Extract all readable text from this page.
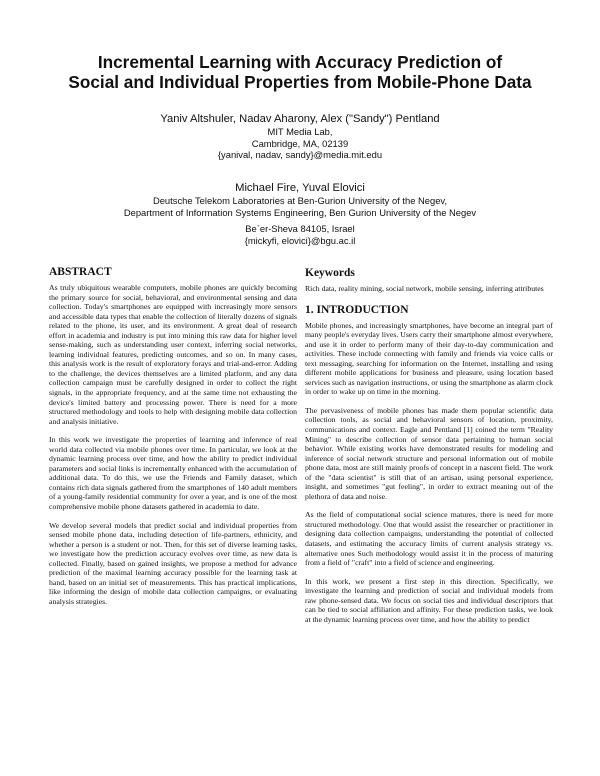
Incremental Learning with Accuracy Prediction of
Social and Individual Properties from Mobile-Phone Data
Yaniv Altshuler, Nadav Aharony, Alex ("Sandy") Pentland
MIT Media Lab,
Cambridge, MA, 02139
{yanival, nadav, sandy}@media.mit.edu
Michael Fire, Yuval Elovici
Deutsche Telekom Laboratories at Ben-Gurion University of the Negev,
Department of Information Systems Engineering, Ben Gurion University of the Negev
Be`er-Sheva 84105, Israel
{mickyfi, elovici}@bgu.ac.il
ABSTRACT

As truly ubiquitous wearable computers, mobile phones are quickly becoming the primary source for social, behavioral, and environmental sensing and data collection. Today's smartphones are equipped with increasingly more sensors and accessible data types that enable the collection of literally dozens of signals related to the phone, its user, and its environment. A great deal of research effort in academia and industry is put into mining this raw data for higher level sense-making, such as understanding user context, inferring social networks, learning individual features, predicting outcomes, and so on. In many cases, this analysis work is the result of exploratory forays and trial-and-error. Adding to the challenge, the devices themselves are a limited platform, and any data collection campaign must be carefully designed in order to collect the right signals, in the appropriate frequency, and at the same time not exhausting the device's limited battery and processing power. There is need for a more structured methodology and tools to help with designing mobile data collection and analysis initiative.

In this work we investigate the properties of learning and inference of real world data collected via mobile phones over time. In particular, we look at the dynamic learning process over time, and how the ability to predict individual parameters and social links is incrementally enhanced with the accumulation of additional data. To do this, we use the Friends and Family dataset, which contains rich data signals gathered from the smartphones of 140 adult members of a young-family residential community for over a year, and is one of the most comprehensive mobile phone datasets gathered in academia to date.

We develop several models that predict social and individual properties from sensed mobile phone data, including detection of life-partners, ethnicity, and whether a person is a student or not. Then, for this set of diverse learning tasks, we investigate how the prediction accuracy evolves over time, as new data is collected. Finally, based on gained insights, we propose a method for advance prediction of the maximal learning accuracy possible for the learning task at hand, based on an initial set of measurements. This has practical implications, like informing the design of mobile data collection campaigns, or evaluating analysis strategies.

Keywords

Rich data, reality mining, social network, mobile sensing, inferring attributes

1. INTRODUCTION

Mobile phones, and increasingly smartphones, have become an integral part of many people's everyday lives. Users carry their smartphone almost everywhere, and use it in order to perform many of their day-to-day communication and activities. These include connecting with family and friends via voice calls or text messaging, searching for information on the Internet, installing and using different mobile applications for business and pleasure, using location based services such as navigation instructions, or using the smartphone as alarm clock in order to wake up on time in the morning.

The pervasiveness of mobile phones has made them popular scientific data collection tools, as social and behavioral sensors of location, proximity, communications and context. Eagle and Pentland [1] coined the term "Reality Mining" to describe collection of sensor data pertaining to human social behavior. While existing works have demonstrated results for modeling and inference of social network structure and personal information out of mobile phone data, most are still mainly proofs of concept in a nascent field. The work of the "data scientist" is still that of an artisan, using personal experience, insight, and sometimes "gut feeling", in order to extract meaning out of the plethora of data and noise.

As the field of computational social science matures, there is need for more structured methodology. One that would assist the researcher or practitioner in designing data collection campaigns, understanding the potential of collected datasets, and estimating the accuracy limits of current analysis strategy vs. alternative ones Such methodology would assist it in the process of maturing from a field of "craft" into a field of science and engineering.

In this work, we present a first step in this direction. Specifically, we investigate the learning and prediction of social and individual models from raw phone-sensed data. We focus on social ties and individual descriptors that can be tied to social affiliation and affinity. For these prediction tasks, we look at the dynamic learning process over time, and how the ability to predict
